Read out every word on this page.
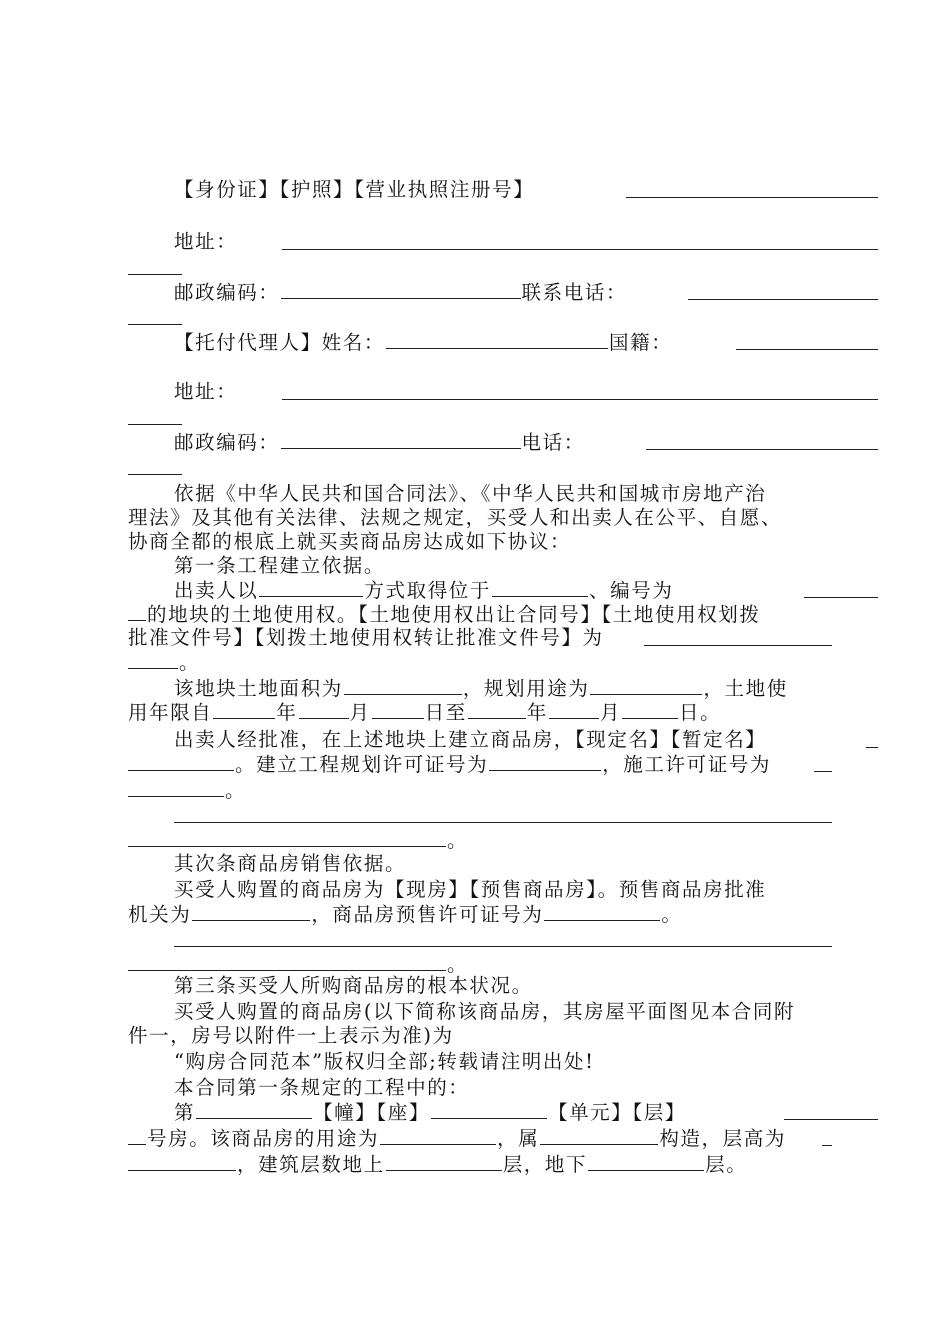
【身份证】【护照】【营业执照注册号】
地址：
邮政编码：	联系电话：
【托付代理人】姓名：	国籍：
地址：
邮政编码：	电话：
依据《中华人民共和国合同法》、《中华人民共和国城市房地产治
理法》及其他有关法律、法规之规定，买受人和出卖人在公平、自愿、
协商全都的根底上就买卖商品房达成如下协议：
第一条工程建立依据。
出卖人以	方式取得位于	、编号为
的地块的土地使用权。【土地使用权出让合同号】【土地使用权划拨
批准文件号】【划拨土地使用权转让批准文件号】为
。
该地块土地面积为	，规划用途为	，土地使
用年限自	年	月	日至	年	月	日。
出卖人经批准，在上述地块上建立商品房，【现定名】【暂定名】
。建立工程规划许可证号为	，施工许可证号为
。
。
其次条商品房销售依据。
买受人购置的商品房为【现房】【预售商品房】。预售商品房批准
机关为	，商品房预售许可证号为	。
。
第三条买受人所购商品房的根本状况。
买受人购置的商品房(以下简称该商品房，其房屋平面图见本合同附
件一，房号以附件一上表示为准)为
“购房合同范本”版权归全部;转载请注明出处!
本合同第一条规定的工程中的：
第	【幢】【座】	【单元】【层】
号房。该商品房的用途为	，属	构造，层高为
，建筑层数地上	层，地下	层。
